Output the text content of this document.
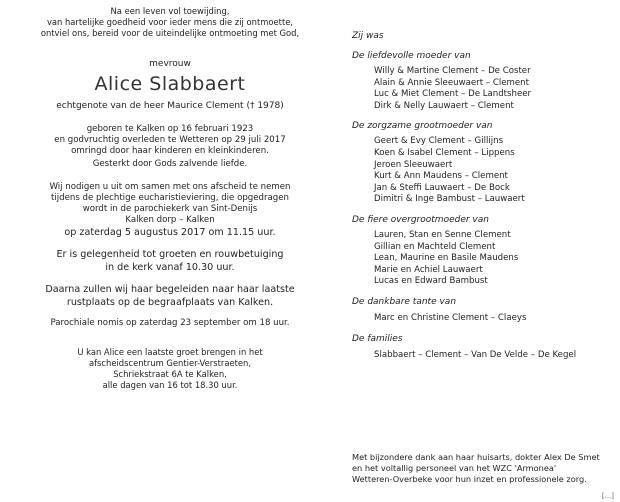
Na een leven vol toewijding,
van hartelijke goedheid voor ieder mens die zij ontmoette,
ontviel ons, bereid voor de uiteindelijke ontmoeting met God,
mevrouw
Alice Slabbaert
echtgenote van de heer Maurice Clement († 1978)
geboren te Kalken op 16 februari 1923
en godvruchtig overleden te Wetteren op 29 juli 2017
omringd door haar kinderen en kleinkinderen.
Gesterkt door Gods zalvende liefde.
Wij nodigen u uit om samen met ons afscheid te nemen
tijdens de plechtige eucharistieviering, die opgedragen
wordt in de parochiekerk van Sint-Denijs
Kalken dorp – Kalken
op zaterdag 5 augustus 2017 om 11.15 uur.
Er is gelegenheid tot groeten en rouwbetuiging
in de kerk vanaf 10.30 uur.
Daarna zullen wij haar begeleiden naar haar laatste
rustplaats op de begraafplaats van Kalken.
Parochiale nomis op zaterdag 23 september om 18 uur.
U kan Alice een laatste groet brengen in het
afscheidscentrum Gentier-Verstraeten,
Schriekstraat 6A te Kalken,
alle dagen van 16 tot 18.30 uur.
Zij was
De liefdevolle moeder van
Willy & Martine Clement – De Coster
Alain & Annie Sleeuwaert – Clement
Luc & Miet Clement – De Landtsheer
Dirk & Nelly Lauwaert – Clement
De zorgzame grootmoeder van
Geert & Evy Clement – Gillijns
Koen & Isabel Clement – Lippens
Jeroen Sleeuwaert
Kurt & Ann Maudens – Clement
Jan & Steffi Lauwaert – De Bock
Dimitri & Inge Bambust – Lauwaert
De fiere overgrootmoeder van
Lauren, Stan en Senne Clement
Gillian en Machteld Clement
Lean, Maurine en Basile Maudens
Marie en Achiel Lauwaert
Lucas en Edward Bambust
De dankbare tante van
Marc en Christine Clement – Claeys
De families
Slabbaert – Clement – Van De Velde – De Kegel
Met bijzondere dank aan haar huisarts, dokter Alex De Smet
en het voltallig personeel van het WZC 'Armonea'
Wetteren-Overbeke voor hun inzet en professionele zorg.
[...]
